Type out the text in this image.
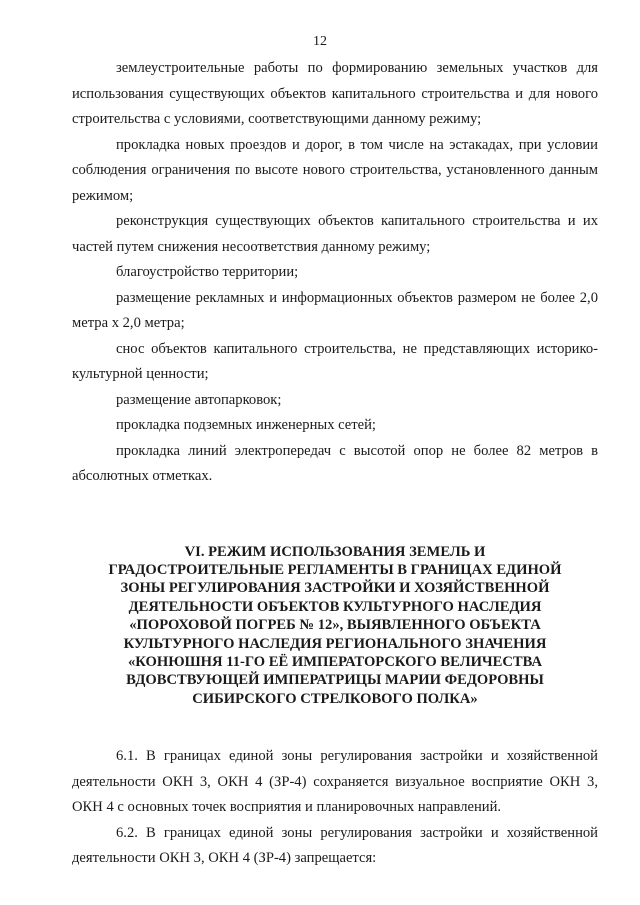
12

землеустроительные работы по формированию земельных участков для использования существующих объектов капитального строительства и для нового строительства с условиями, соответствующими данному режиму;

прокладка новых проездов и дорог, в том числе на эстакадах, при условии соблюдения ограничения по высоте нового строительства, установленного данным режимом;

реконструкция существующих объектов капитального строительства и их частей путем снижения несоответствия данному режиму;

благоустройство территории;

размещение рекламных и информационных объектов размером не более 2,0 метра х 2,0 метра;

снос объектов капитального строительства, не представляющих историко-культурной ценности;

размещение автопарковок;

прокладка подземных инженерных сетей;

прокладка линий электропередач с высотой опор не более 82 метров в абсолютных отметках.

VI. РЕЖИМ ИСПОЛЬЗОВАНИЯ ЗЕМЕЛЬ И
ГРАДОСТРОИТЕЛЬНЫЕ РЕГЛАМЕНТЫ В ГРАНИЦАХ ЕДИНОЙ
ЗОНЫ РЕГУЛИРОВАНИЯ ЗАСТРОЙКИ И ХОЗЯЙСТВЕННОЙ
ДЕЯТЕЛЬНОСТИ ОБЪЕКТОВ КУЛЬТУРНОГО НАСЛЕДИЯ
«ПОРОХОВОЙ ПОГРЕБ № 12», ВЫЯВЛЕННОГО ОБЪЕКТА
КУЛЬТУРНОГО НАСЛЕДИЯ РЕГИОНАЛЬНОГО ЗНАЧЕНИЯ
«КОНЮШНЯ 11-ГО ЕЁ ИМПЕРАТОРСКОГО ВЕЛИЧЕСТВА
ВДОВСТВУЮЩЕЙ ИМПЕРАТРИЦЫ МАРИИ ФЕДОРОВНЫ
СИБИРСКОГО СТРЕЛКОВОГО ПОЛКА»

6.1. В границах единой зоны регулирования застройки и хозяйственной деятельности ОКН 3, ОКН 4 (ЗР-4) сохраняется визуальное восприятие ОКН 3, ОКН 4 с основных точек восприятия и планировочных направлений.

6.2. В границах единой зоны регулирования застройки и хозяйственной деятельности ОКН 3, ОКН 4 (ЗР-4) запрещается:
